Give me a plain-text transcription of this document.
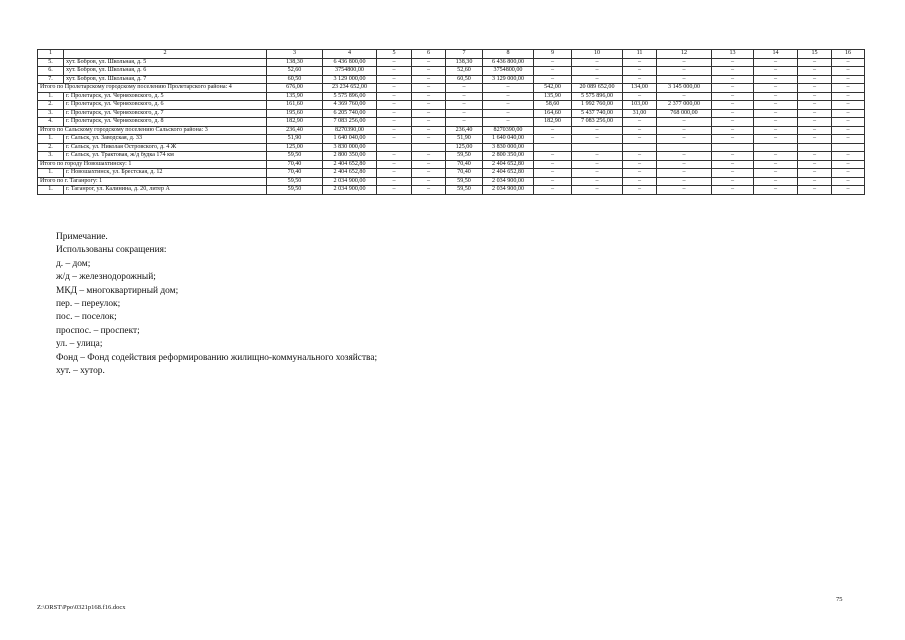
1	2	3	4	5	6	7	8	9	10	11	12	13	14	15	16
5.	хут. Бобров, ул. Школьная, д. 5	138,30	6 436 800,00	–	–	138,30	6 436 800,00	–	–	–	–	–	–	–	–
6.	хут. Бобров, ул. Школьная, д. 6	52,60	3754800,00	–	–	52,60	3754800,00	–	–	–	–	–	–	–	–
7.	хут. Бобров, ул. Школьная, д. 7	60,50	3 129 000,00	–	–	60,50	3 129 000,00	–	–	–	–	–	–	–	–
Итого по Пролетарскому городскому поселению Пролетарского района: 4		676,00	23 234 652,00	–	–	–	–	542,00	20 089 652,00	134,00	3 145 000,00	–	–	–	–
1.	г. Пролетарск, ул. Черняховского, д. 5	135,90	5 575 896,00	–	–	–	–	135,90	5 575 896,00	–	–	–	–	–	–
2.	г. Пролетарск, ул. Черняховского, д. 6	161,60	4 369 760,00	–	–	–	–	58,60	1 992 760,00	103,00	2 377 000,00	–	–	–	–
3.	г. Пролетарск, ул. Черняховского, д. 7	195,60	6 205 740,00	–	–	–	–	164,60	5 437 740,00	31,00	768 000,00	–	–	–	–
4.	г. Пролетарск, ул. Черняховского, д. 8	182,90	7 083 256,00	–	–	–	–	182,90	7 083 256,00	–	–	–	–	–	–
Итого по Сальскому городскому поселению Сальского района: 3		236,40	8270390,00	–	–	236,40	8270390,00	–	–	–	–	–	–	–	–
1.	г. Сальск, ул. Заводская, д. 33	51,90	1 640 040,00	–	–	51,90	1 640 040,00	–	–	–	–	–	–	–	–
2.	г. Сальск, ул. Николая Островского, д. 4 Ж	125,00	3 830 000,00			125,00	3 830 000,00								
3.	г. Сальск, ул. Трактовая, ж/д будка 174 км	59,50	2 800 350,00	–	–	59,50	2 800 350,00	–	–	–	–	–	–	–	–
Итого по городу Новошахтинску: 1		70,40	2 404 652,80	–	–	70,40	2 404 652,80	–	–	–	–	–	–	–	–
1.	г. Новошахтинск, ул. Брестская, д. 12	70,40	2 404 652,80	–	–	70,40	2 404 652,80	–	–	–	–	–	–	–	–
Итого по г. Таганрогу: 1		59,50	2 034 900,00	–	–	59,50	2 034 900,00	–	–	–	–	–	–	–	–
1.	г. Таганрог, ул. Калинина, д. 20, литер А	59,50	2 034 900,00	–	–	59,50	2 034 900,00	–	–	–	–	–	–	–	–
Примечание.
Использованы сокращения:
д. – дом;
ж/д – железнодорожный;
МКД – многоквартирный дом;
пер. – переулок;
пос. – поселок;
проспос. – проспект;
ул. – улица;
Фонд – Фонд содействия реформированию жилищно-коммунального хозяйства;
хут. – хутор.
75
Z:\ORST\Ppo\0321p168.f16.docx
